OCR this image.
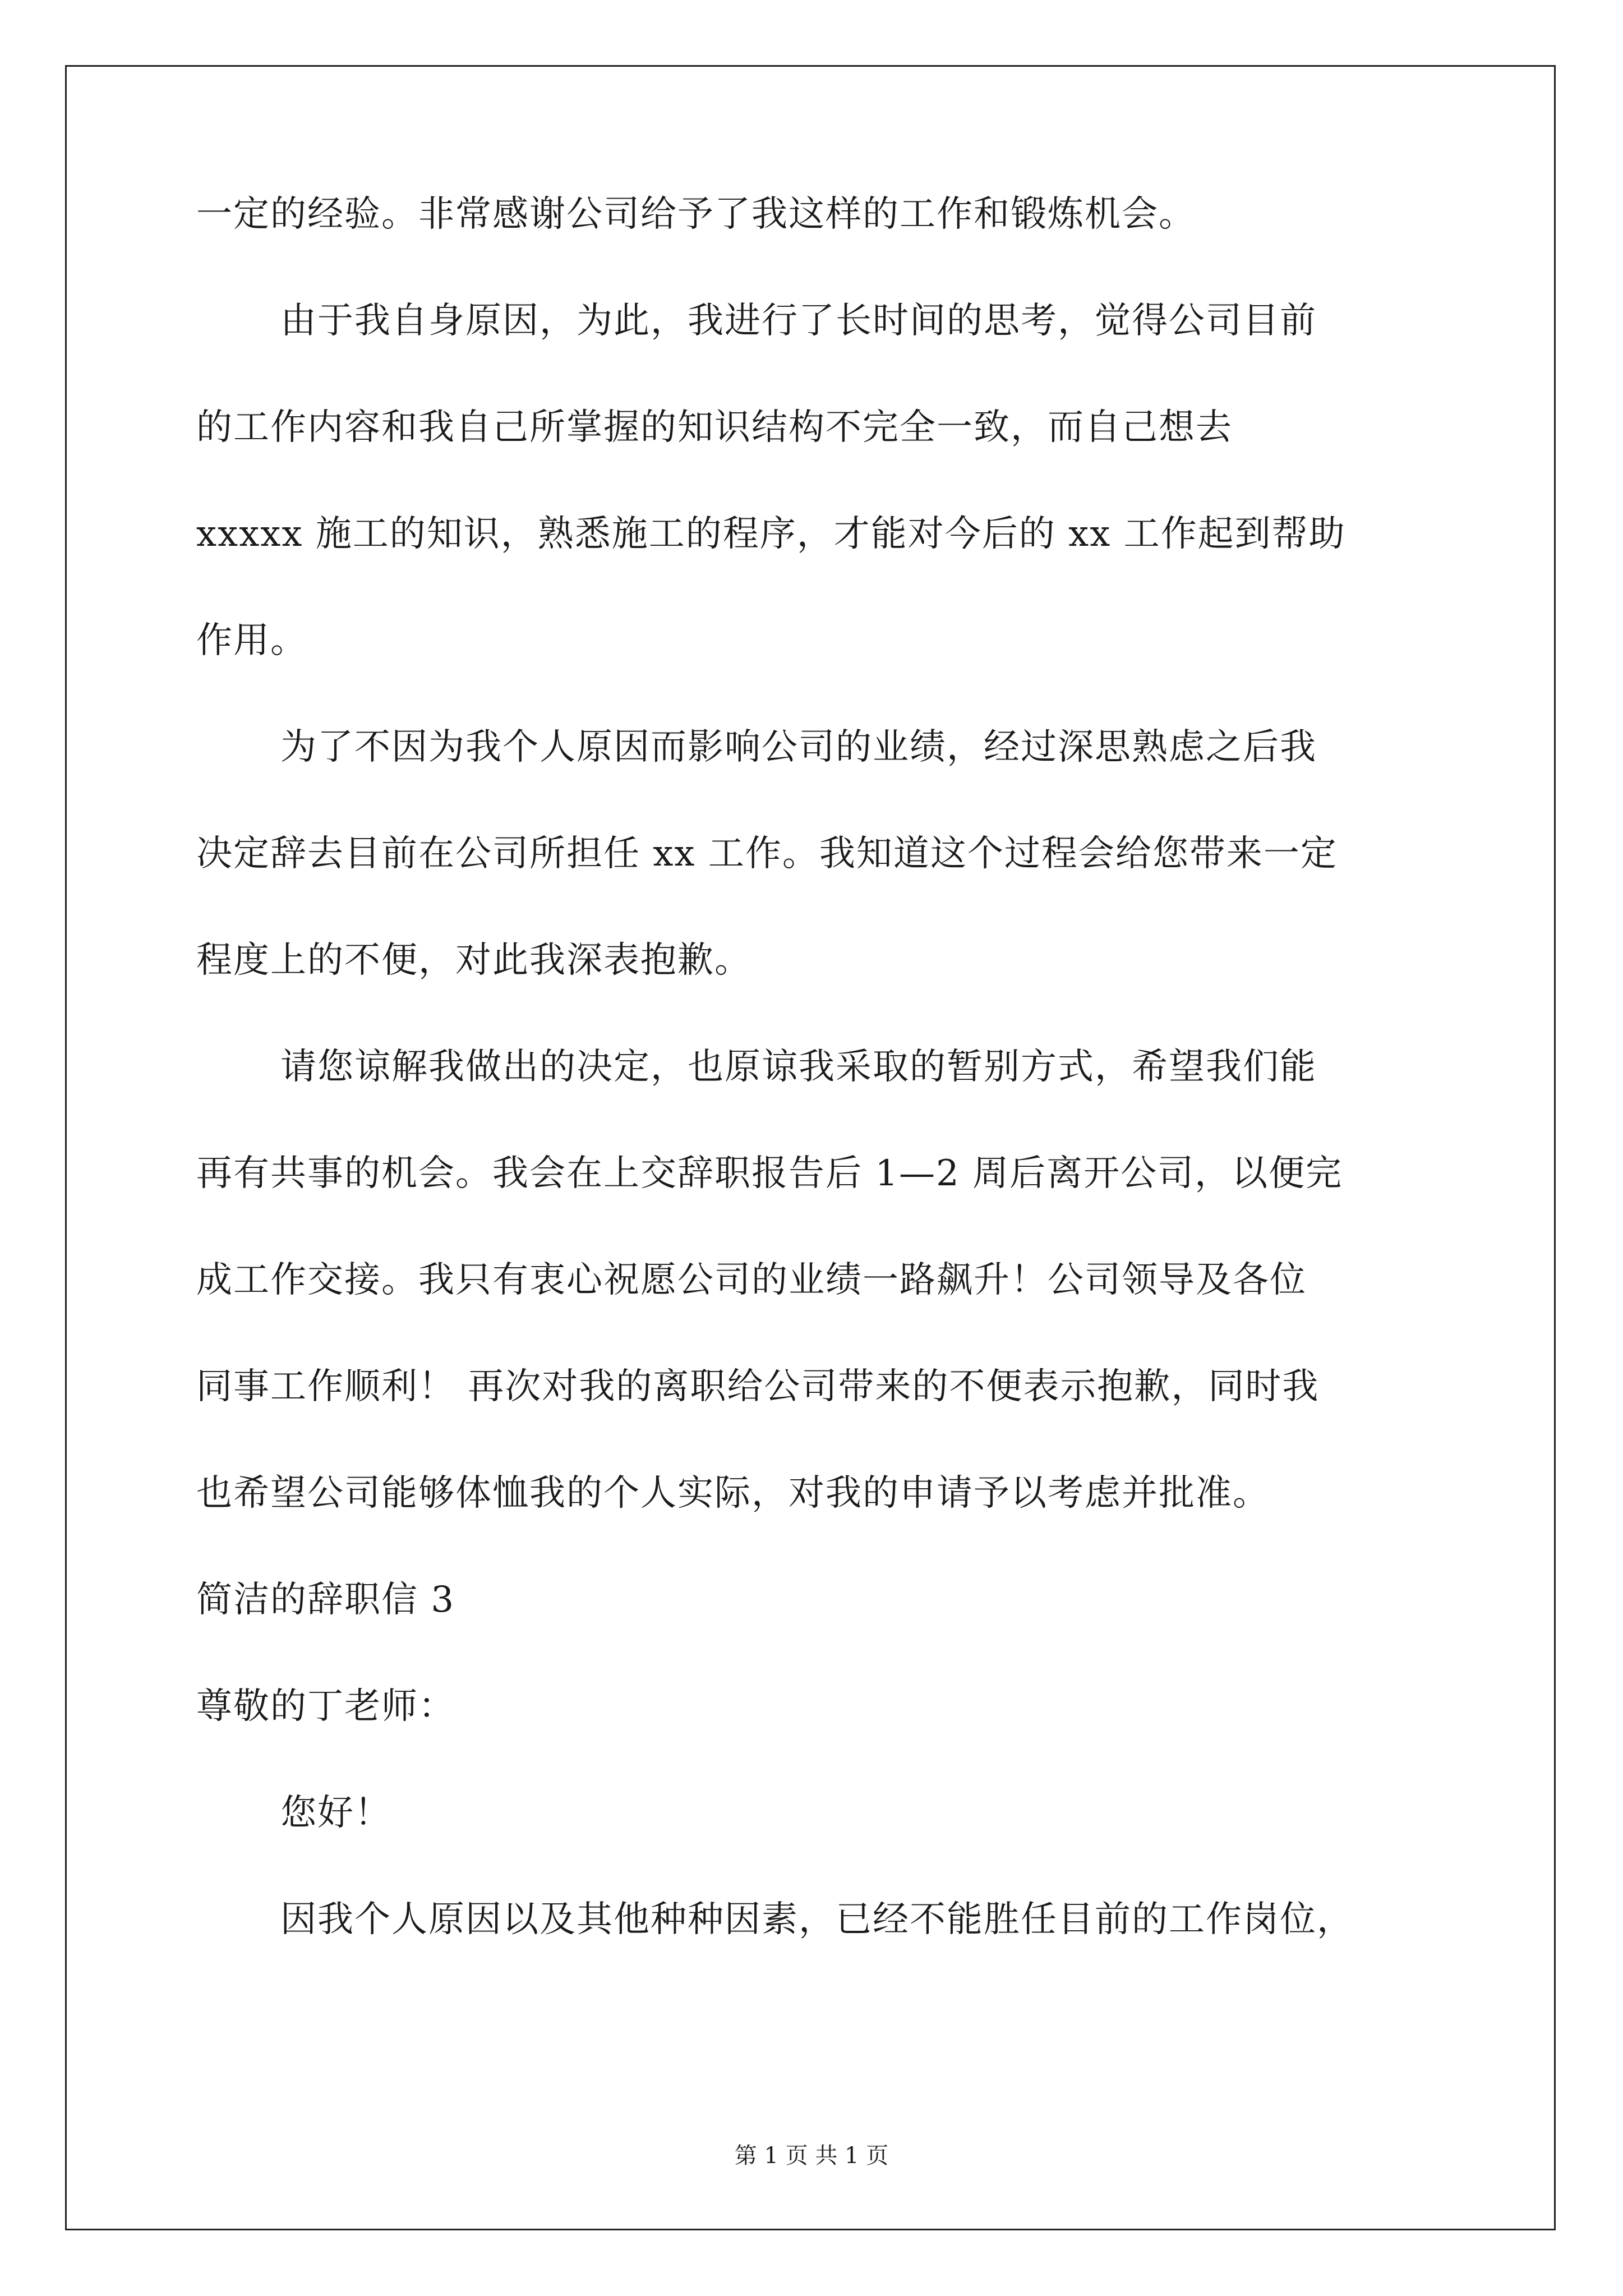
一定的经验。非常感谢公司给予了我这样的工作和锻炼机会。
由于我自身原因，为此，我进行了长时间的思考，觉得公司目前
的工作内容和我自己所掌握的知识结构不完全一致，而自己想去
xxxxx 施工的知识，熟悉施工的程序，才能对今后的 xx 工作起到帮助
作用。
为了不因为我个人原因而影响公司的业绩，经过深思熟虑之后我
决定辞去目前在公司所担任 xx 工作。我知道这个过程会给您带来一定
程度上的不便，对此我深表抱歉。
请您谅解我做出的决定，也原谅我采取的暂别方式，希望我们能
再有共事的机会。我会在上交辞职报告后 1—2 周后离开公司，以便完
成工作交接。我只有衷心祝愿公司的业绩一路飙升！公司领导及各位
同事工作顺利！ 再次对我的离职给公司带来的不便表示抱歉，同时我
也希望公司能够体恤我的个人实际，对我的申请予以考虑并批准。
简洁的辞职信 3
尊敬的丁老师：
您好！
因我个人原因以及其他种种因素，已经不能胜任目前的工作岗位，
第 1 页 共 1 页
